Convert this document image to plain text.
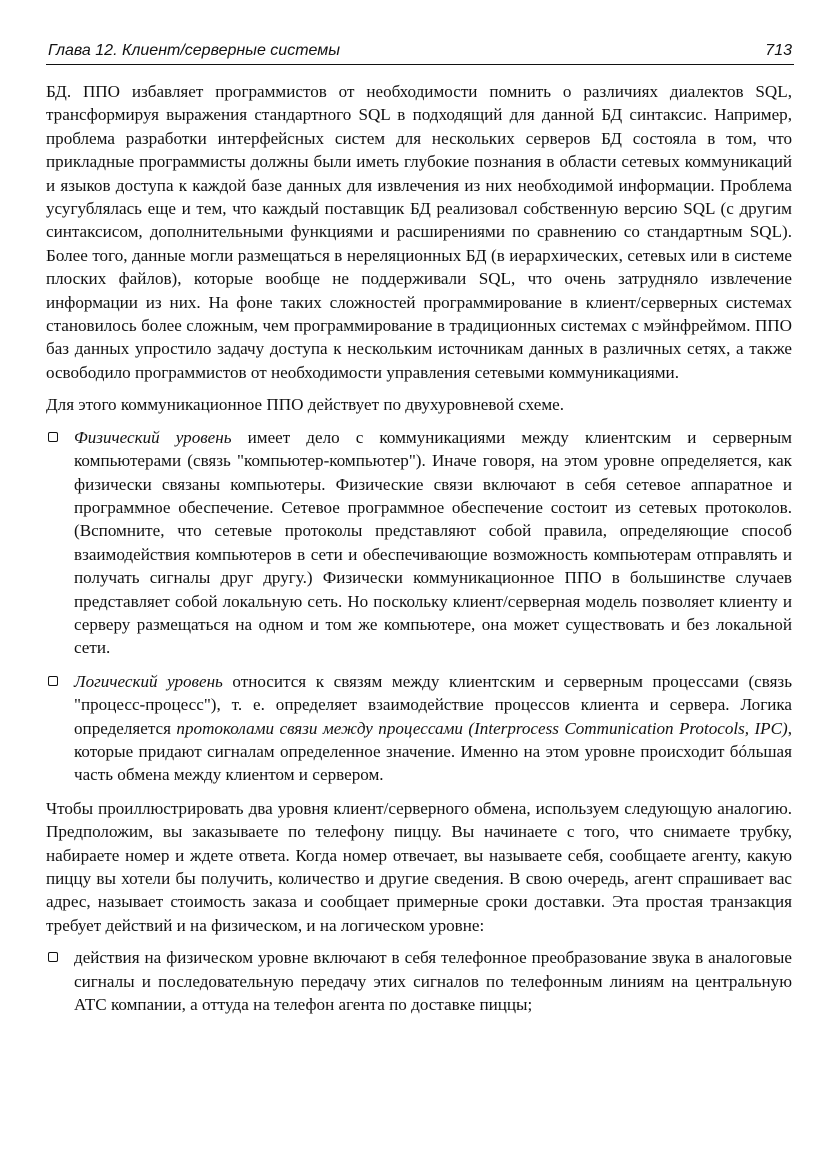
Глава 12. Клиент/серверные системы	713

БД. ППО избавляет программистов от необходимости помнить о различиях диалектов SQL, трансформируя выражения стандартного SQL в подходящий для данной БД синтаксис. Например, проблема разработки интерфейсных систем для нескольких серверов БД состояла в том, что прикладные программисты должны были иметь глубокие познания в области сетевых коммуникаций и языков доступа к каждой базе данных для извлечения из них необходимой информации. Проблема усугублялась еще и тем, что каждый поставщик БД реализовал собственную версию SQL (с другим синтаксисом, дополнительными функциями и расширениями по сравнению со стандартным SQL). Более того, данные могли размещаться в нереляционных БД (в иерархических, сетевых или в системе плоских файлов), которые вообще не поддерживали SQL, что очень затрудняло извлечение информации из них. На фоне таких сложностей программирование в клиент/серверных системах становилось более сложным, чем программирование в традиционных системах с мэйнфреймом. ППО баз данных упростило задачу доступа к нескольким источникам данных в различных сетях, а также освободило программистов от необходимости управления сетевыми коммуникациями.

Для этого коммуникационное ППО действует по двухуровневой схеме.

Физический уровень имеет дело с коммуникациями между клиентским и серверным компьютерами (связь "компьютер-компьютер"). Иначе говоря, на этом уровне определяется, как физически связаны компьютеры. Физические связи включают в себя сетевое аппаратное и программное обеспечение. Сетевое программное обеспечение состоит из сетевых протоколов. (Вспомните, что сетевые протоколы представляют собой правила, определяющие способ взаимодействия компьютеров в сети и обеспечивающие возможность компьютерам отправлять и получать сигналы друг другу.) Физически коммуникационное ППО в большинстве случаев представляет собой локальную сеть. Но поскольку клиент/серверная модель позволяет клиенту и серверу размещаться на одном и том же компьютере, она может существовать и без локальной сети.
Логический уровень относится к связям между клиентским и серверным процессами (связь "процесс-процесс"), т. е. определяет взаимодействие процессов клиента и сервера. Логика определяется протоколами связи между процессами (Interprocess Communication Protocols, IPC), которые придают сигналам определенное значение. Именно на этом уровне происходит бóльшая часть обмена между клиентом и сервером.

Чтобы проиллюстрировать два уровня клиент/серверного обмена, используем следующую аналогию. Предположим, вы заказываете по телефону пиццу. Вы начинаете с того, что снимаете трубку, набираете номер и ждете ответа. Когда номер отвечает, вы называете себя, сообщаете агенту, какую пиццу вы хотели бы получить, количество и другие сведения. В свою очередь, агент спрашивает вас адрес, называет стоимость заказа и сообщает примерные сроки доставки. Эта простая транзакция требует действий и на физическом, и на логическом уровне:

действия на физическом уровне включают в себя телефонное преобразование звука в аналоговые сигналы и последовательную передачу этих сигналов по телефонным линиям на центральную АТС компании, а оттуда на телефон агента по доставке пиццы;
